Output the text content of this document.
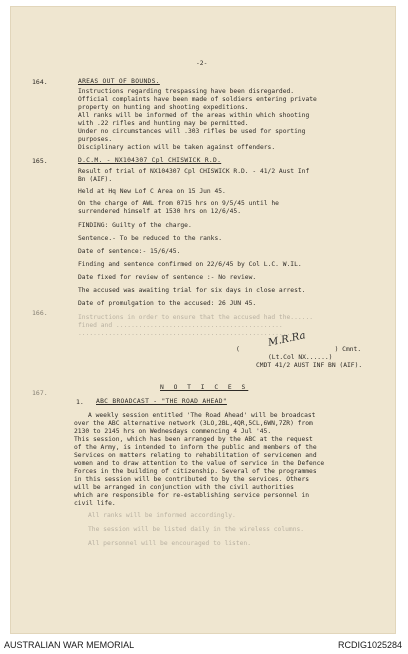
-2-
164.	AREAS OUT OF BOUNDS.
Instructions regarding trespassing have been disregarded.
Official complaints have been made of soldiers entering private
property on hunting and shooting expeditions.
All ranks will be informed of the areas within which shooting
with .22 rifles and hunting may be permitted.
Under no circumstances will .303 rifles be used for sporting
purposes.
Disciplinary action will be taken against offenders.
165.	D.C.M. - NX104307 Cpl CHISWICK R.D.
Result of trial of NX104307 Cpl CHISWICK R.D. - 41/2 Aust Inf
Bn (AIF).
Held at Hq New Lof C Area on 15 Jun 45.
On the charge of AWL from 0715 hrs on 9/5/45 until he
surrendered himself at 1530 hrs on 12/6/45.
FINDING: Guilty of the charge.
Sentence.- To be reduced to the ranks.
Date of sentence:- 15/6/45.
Finding and sentence confirmed on 22/6/45 by Col L.C. W.IL.
Date fixed for review of sentence :- No review.
The accused was awaiting trial for six days in close arrest.
Date of promulgation to the accused: 26 JUN 45.
166.
Instructions in order to ensure that the accused had the......
fined and ............................................
.........................................................
M.R.Ra
(                         ) Cmnt.
(Lt.Col NX......)
CMDT 41/2 AUST INF BN (AIF).
167.
N O T I C E S
1. ABC BROADCAST - "THE ROAD AHEAD"
A weekly session entitled 'The Road Ahead' will be broadcast
over the ABC alternative network (3LO,2BL,4QR,5CL,6WN,7ZR) from
2130 to 2145 hrs on Wednesdays commencing 4 Jul '45.
This session, which has been arranged by the ABC at the request
of the Army, is intended to inform the public and members of the
Services on matters relating to rehabilitation of servicemen and
women and to draw attention to the value of service in the Defence
Forces in the building of citizenship. Several of the programmes
in this session will be contributed to by the services. Others
will be arranged in conjunction with the civil authorities
which are responsible for re-establishing service personnel in
civil life.
All ranks will be informed accordingly.
The session will be listed daily in the wireless columns.
All personnel will be encouraged to listen.
AUSTRALIAN WAR MEMORIAL	RCDIG1025284
